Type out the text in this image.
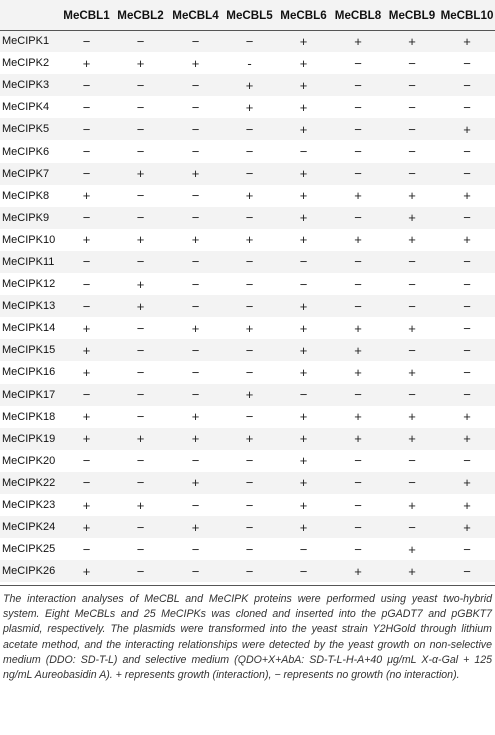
	MeCBL1	MeCBL2	MeCBL4	MeCBL5	MeCBL6	MeCBL8	MeCBL9	MeCBL10
MeCIPK1	−	−	−	−	+	+	+	+
MeCIPK2	+	+	+	-	+	−	−	−
MeCIPK3	−	−	−	+	+	−	−	−
MeCIPK4	−	−	−	+	+	−	−	−
MeCIPK5	−	−	−	−	+	−	−	+
MeCIPK6	−	−	−	−	−	−	−	−
MeCIPK7	−	+	+	−	+	−	−	−
MeCIPK8	+	−	−	+	+	+	+	+
MeCIPK9	−	−	−	−	+	−	+	−
MeCIPK10	+	+	+	+	+	+	+	+
MeCIPK11	−	−	−	−	−	−	−	−
MeCIPK12	−	+	−	−	−	−	−	−
MeCIPK13	−	+	−	−	+	−	−	−
MeCIPK14	+	−	+	+	+	+	+	−
MeCIPK15	+	−	−	−	+	+	−	−
MeCIPK16	+	−	−	−	+	+	+	−
MeCIPK17	−	−	−	+	−	−	−	−
MeCIPK18	+	−	+	−	+	+	+	+
MeCIPK19	+	+	+	+	+	+	+	+
MeCIPK20	−	−	−	−	+	−	−	−
MeCIPK22	−	−	+	−	+	−	−	+
MeCIPK23	+	+	−	−	+	−	+	+
MeCIPK24	+	−	+	−	+	−	−	+
MeCIPK25	−	−	−	−	−	−	+	−
MeCIPK26	+	−	−	−	−	+	+	−
The interaction analyses of MeCBL and MeCIPK proteins were performed using yeast two-hybrid system. Eight MeCBLs and 25 MeCIPKs was cloned and inserted into the pGADT7 and pGBKT7 plasmid, respectively. The plasmids were transformed into the yeast strain Y2HGold through lithium acetate method, and the interacting relationships were detected by the yeast growth on non-selective medium (DDO: SD-T-L) and selective medium (QDO+X+AbA: SD-T-L-H-A+40 μg/mL X-α-Gal + 125 ng/mL Aureobasidin A). + represents growth (interaction), − represents no growth (no interaction).
